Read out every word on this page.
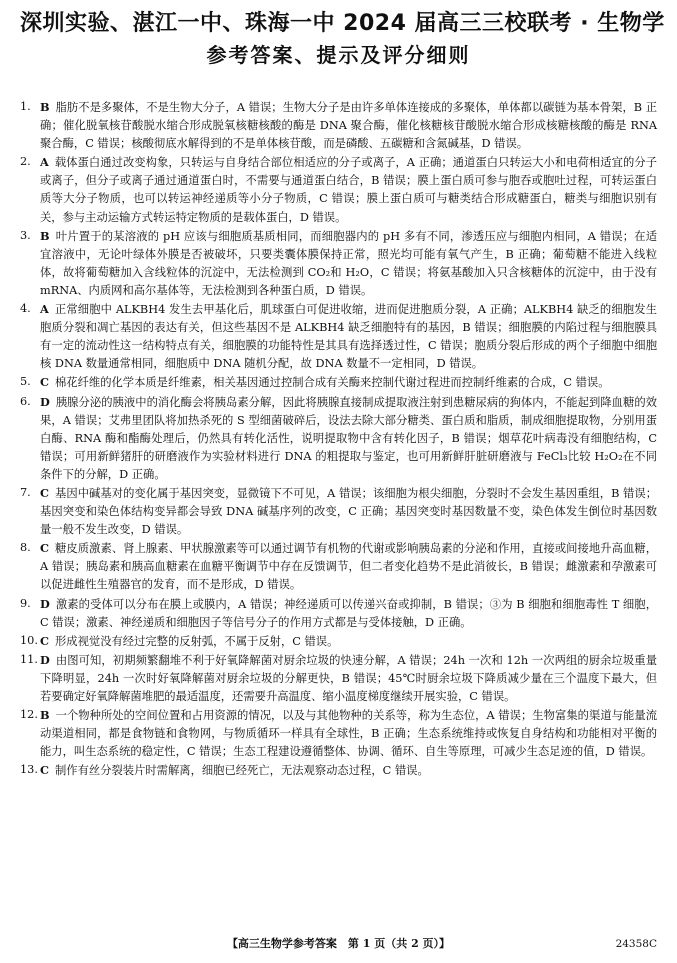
深圳实验、湛江一中、珠海一中 2024 届高三三校联考 · 生物学
参考答案、提示及评分细则
1. B 脂肪不是多聚体，不是生物大分子，A 错误；生物大分子是由许多单体连接成的多聚体，单体都以碳链为基本骨架，B 正确；催化脱氧核苷酸脱水缩合形成脱氧核糖核酸的酶是 DNA 聚合酶，催化核糖核苷酸脱水缩合形成核糖核酸的酶是 RNA 聚合酶，C 错误；核酸彻底水解得到的不是单体核苷酸，而是磷酸、五碳糖和含氮碱基，D 错误。
2. A 载体蛋白通过改变构象，只转运与自身结合部位相适应的分子或离子，A 正确；通道蛋白只转运大小和电荷相适宜的分子或离子，但分子或离子通过通道蛋白时，不需要与通道蛋白结合，B 错误；膜上蛋白质可参与胞吞或胞吐过程，可转运蛋白质等大分子物质，也可以转运神经递质等小分子物质，C 错误；膜上蛋白质可与糖类结合形成糖蛋白，糖类与细胞识别有关，参与主动运输方式转运特定物质的是载体蛋白，D 错误。
3. B 叶片置于的某溶液的 pH 应该与细胞质基质相同，而细胞器内的 pH 多有不同，渗透压应与细胞内相同，A 错误；在适宜溶液中，无论叶绿体外膜是否被破坏，只要类囊体膜保持正常，照光均可能有氧气产生，B 正确；葡萄糖不能进入线粒体，故将葡萄糖加入含线粒体的沉淀中，无法检测到 CO₂和 H₂O，C 错误；将氨基酸加入只含核糖体的沉淀中，由于没有 mRNA、内质网和高尔基体等，无法检测到各种蛋白质，D 错误。
4. A 正常细胞中 ALKBH4 发生去甲基化后，肌球蛋白可促进收缩，进而促进胞质分裂，A 正确；ALKBH4 缺乏的细胞发生胞质分裂和凋亡基因的表达有关，但这些基因不是 ALKBH4 缺乏细胞特有的基因，B 错误；细胞膜的内陷过程与细胞膜具有一定的流动性这一结构特点有关，细胞膜的功能特性是其具有选择透过性，C 错误；胞质分裂后形成的两个子细胞中细胞核 DNA 数量通常相同，细胞质中 DNA 随机分配，故 DNA 数量不一定相同，D 错误。
5. C 棉花纤维的化学本质是纤维素，相关基因通过控制合成有关酶来控制代谢过程进而控制纤维素的合成，C 错误。
6. D 胰腺分泌的胰液中的消化酶会将胰岛素分解，因此将胰腺直接制成提取液注射到患糖尿病的狗体内，不能起到降血糖的效果，A 错误；艾弗里团队将加热杀死的 S 型细菌破碎后，设法去除大部分糖类、蛋白质和脂质，制成细胞提取物，分别用蛋白酶、RNA 酶和酯酶处理后，仍然具有转化活性，说明提取物中含有转化因子，B 错误；烟草花叶病毒没有细胞结构，C 错误；可用新鲜猪肝的研磨液作为实验材料进行 DNA 的粗提取与鉴定，也可用新鲜肝脏研磨液与 FeCl₃比较 H₂O₂在不同条件下的分解，D 正确。
7. C 基因中碱基对的变化属于基因突变，显微镜下不可见，A 错误；该细胞为根尖细胞，分裂时不会发生基因重组，B 错误；基因突变和染色体结构变异都会导致 DNA 碱基序列的改变，C 正确；基因突变时基因数量不变，染色体发生倒位时基因数量一般不发生改变，D 错误。
8. C 糖皮质激素、肾上腺素、甲状腺激素等可以通过调节有机物的代谢或影响胰岛素的分泌和作用，直接或间接地升高血糖，A 错误；胰岛素和胰高血糖素在血糖平衡调节中存在反馈调节，但二者变化趋势不是此消彼长，B 错误；雌激素和孕激素可以促进雌性生殖器官的发育，而不是形成，D 错误。
9. D 激素的受体可以分布在膜上或膜内，A 错误；神经递质可以传递兴奋或抑制，B 错误；③为 B 细胞和细胞毒性 T 细胞，C 错误；激素、神经递质和细胞因子等信号分子的作用方式都是与受体接触，D 正确。
10. C 形成视觉没有经过完整的反射弧，不属于反射，C 错误。
11. D 由图可知，初期频繁翻堆不利于好氧降解菌对厨余垃圾的快速分解，A 错误；24h 一次和 12h 一次两组的厨余垃圾重量下降明显，24h 一次时好氧降解菌对厨余垃圾的分解更快，B 错误；45℃时厨余垃圾下降质减少量在三个温度下最大，但若要确定好氧降解菌堆肥的最适温度，还需要升高温度、缩小温度梯度继续开展实验，C 错误。
12. B 一个物种所处的空间位置和占用资源的情况，以及与其他物种的关系等，称为生态位，A 错误；生物富集的渠道与能量流动渠道相同，都是食物链和食物网，与物质循环一样具有全球性，B 正确；生态系统维持或恢复自身结构和功能相对平衡的能力，叫生态系统的稳定性，C 错误；生态工程建设遵循整体、协调、循环、自生等原理，可减少生态足迹的值，D 错误。
13. C 制作有丝分裂装片时需解离，细胞已经死亡，无法观察动态过程，C 错误。
【高三生物学参考答案　第 1 页（共 2 页）】	24358C
